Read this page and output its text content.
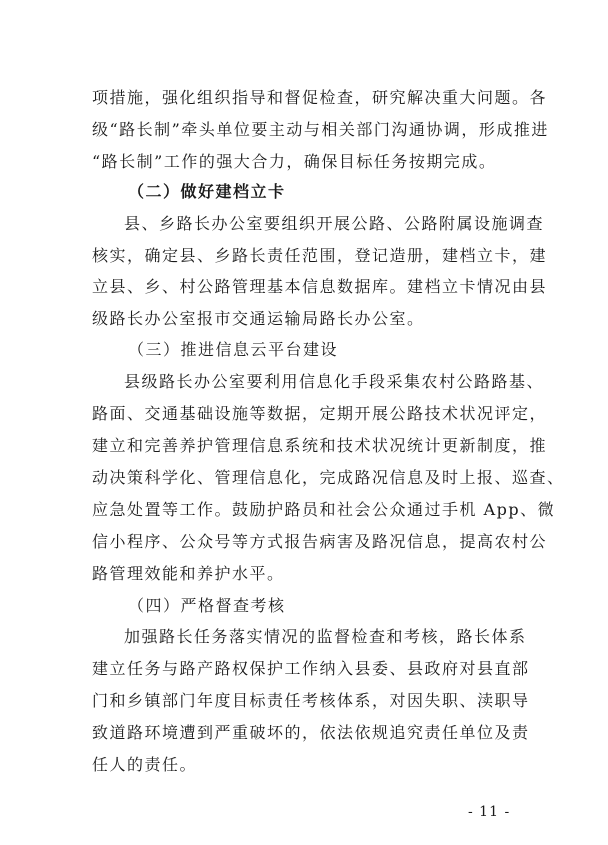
项措施，强化组织指导和督促检查，研究解决重大问题。各
级“路长制”牵头单位要主动与相关部门沟通协调，形成推进
“路长制”工作的强大合力，确保目标任务按期完成。
（二）做好建档立卡
县、乡路长办公室要组织开展公路、公路附属设施调查
核实，确定县、乡路长责任范围，登记造册，建档立卡，建
立县、乡、村公路管理基本信息数据库。建档立卡情况由县
级路长办公室报市交通运输局路长办公室。
（三）推进信息云平台建设
县级路长办公室要利用信息化手段采集农村公路路基、
路面、交通基础设施等数据，定期开展公路技术状况评定，
建立和完善养护管理信息系统和技术状况统计更新制度，推
动决策科学化、管理信息化，完成路况信息及时上报、巡查、
应急处置等工作。鼓励护路员和社会公众通过手机 App、微
信小程序、公众号等方式报告病害及路况信息，提高农村公
路管理效能和养护水平。
（四）严格督查考核
加强路长任务落实情况的监督检查和考核，路长体系
建立任务与路产路权保护工作纳入县委、县政府对县直部
门和乡镇部门年度目标责任考核体系，对因失职、渎职导
致道路环境遭到严重破坏的，依法依规追究责任单位及责
任人的责任。
- 11 -
